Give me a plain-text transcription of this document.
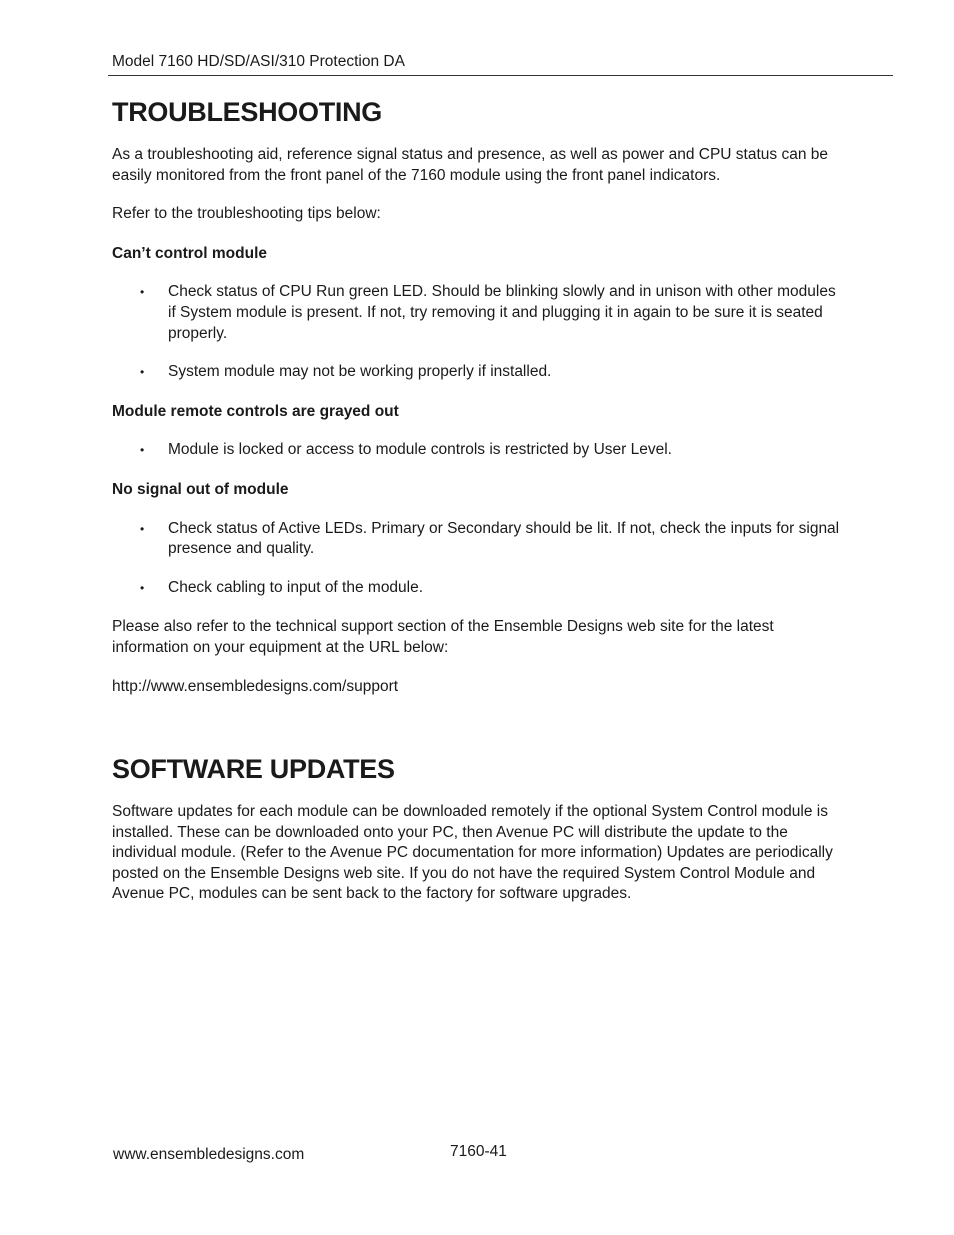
Model 7160 HD/SD/ASI/310 Protection DA
TROUBLESHOOTING

As a troubleshooting aid, reference signal status and presence, as well as power and CPU status can be easily monitored from the front panel of the 7160 module using the front panel indicators.

Refer to the troubleshooting tips below:

Can’t control module
• Check status of CPU Run green LED. Should be blinking slowly and in unison with other modules if System module is present. If not, try removing it and plugging it in again to be sure it is seated properly.
• System module may not be working properly if installed.
Module remote controls are grayed out
• Module is locked or access to module controls is restricted by User Level.
No signal out of module
• Check status of Active LEDs. Primary or Secondary should be lit. If not, check the inputs for signal presence and quality.
• Check cabling to input of the module.

Please also refer to the technical support section of the Ensemble Designs web site for the latest information on your equipment at the URL below:

http://www.ensembledesigns.com/support

SOFTWARE UPDATES

Software updates for each module can be downloaded remotely if the optional System Control module is installed. These can be downloaded onto your PC, then Avenue PC will distribute the update to the individual module. (Refer to the Avenue PC documentation for more information) Updates are periodically posted on the Ensemble Designs web site. If you do not have the required System Control Module and Avenue PC, modules can be sent back to the factory for software upgrades.

www.ensembledesigns.com	7160-41
